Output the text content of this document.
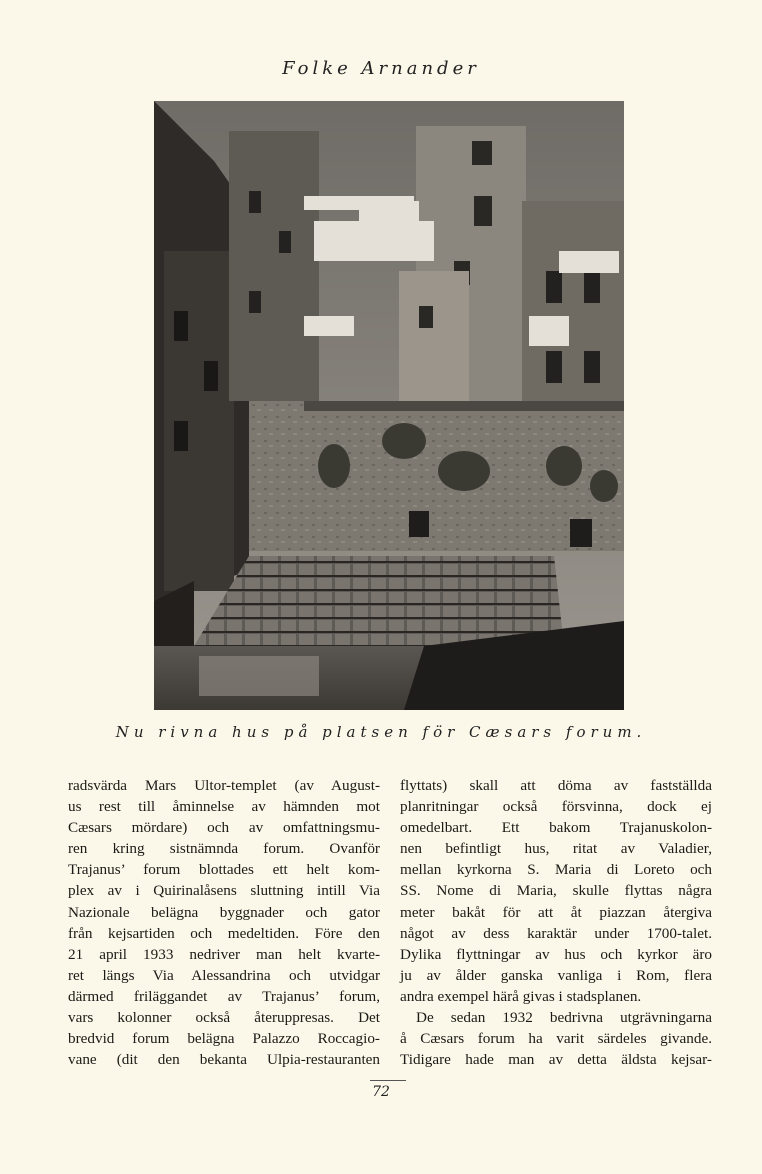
Folke Arnander
Nu rivna hus på platsen för Cæsars forum.
radsvärda Mars Ultor-templet (av August-
us rest till åminnelse av hämnden mot
Cæsars mördare) och av omfattningsmu-
ren kring sistnämnda forum. Ovanför
Trajanus’ forum blottades ett helt kom-
plex av i Quirinalåsens sluttning intill Via
Nazionale belägna byggnader och gator
från kejsartiden och medeltiden. Före den
21 april 1933 nedriver man helt kvarte-
ret längs Via Alessandrina och utvidgar
därmed friläggandet av Trajanus’ forum,
vars kolonner också återuppresas. Det
bredvid forum belägna Palazzo Roccagio-
vane (dit den bekanta Ulpia-restauranten
flyttats) skall att döma av fastställda
planritningar också försvinna, dock ej
omedelbart. Ett bakom Trajanuskolon-
nen befintligt hus, ritat av Valadier,
mellan kyrkorna S. Maria di Loreto och
SS. Nome di Maria, skulle flyttas några
meter bakåt för att åt piazzan återgiva
något av dess karaktär under 1700-talet.
Dylika flyttningar av hus och kyrkor äro
ju av ålder ganska vanliga i Rom, flera
andra exempel härå givas i stadsplanen.
De sedan 1932 bedrivna utgrävningarna
å Cæsars forum ha varit särdeles givande.
Tidigare hade man av detta äldsta kejsar-
72
